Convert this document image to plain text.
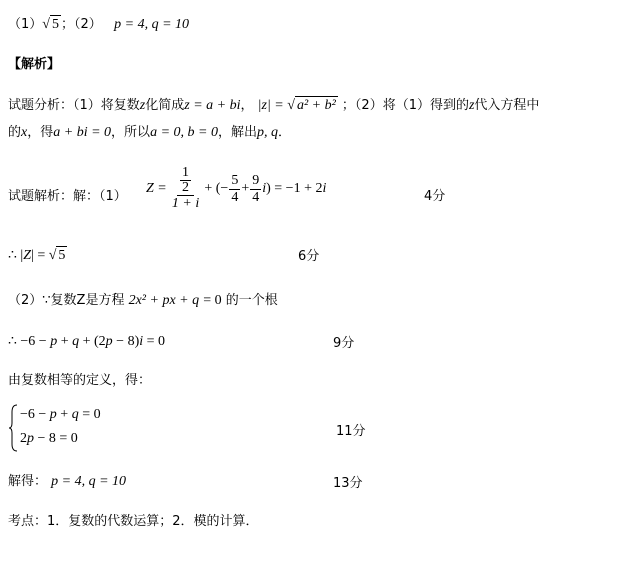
（1）√ 5 ；（2） p = 4, q = 10
【解析】
试题分析：（1）将复数z化简成z = a + bi， |z| = √ a² + b² ；（2）将（1）得到的z代入方程中
的x，得a + bi = 0，所以a = 0, b = 0，解出p, q．
试题解析：解：（1）
$Z = \frac{\frac{1}{2}}{1 + i}$ + (− $\frac{5}{4} + \frac{9}{4} i) = -1 + 2i$
4分
∴ |Z| = √ 5	6分
（2）∵复数Z是方程 2x² + px + q = 0 的一个根
∴ −6 − p + q + (2p − 8)i = 0	9分
由复数相等的定义，得：
−6 − p + q = 0
2p − 8 = 0	11分
解得： p = 4, q = 10	13分
考点：1．复数的代数运算；2．模的计算．
